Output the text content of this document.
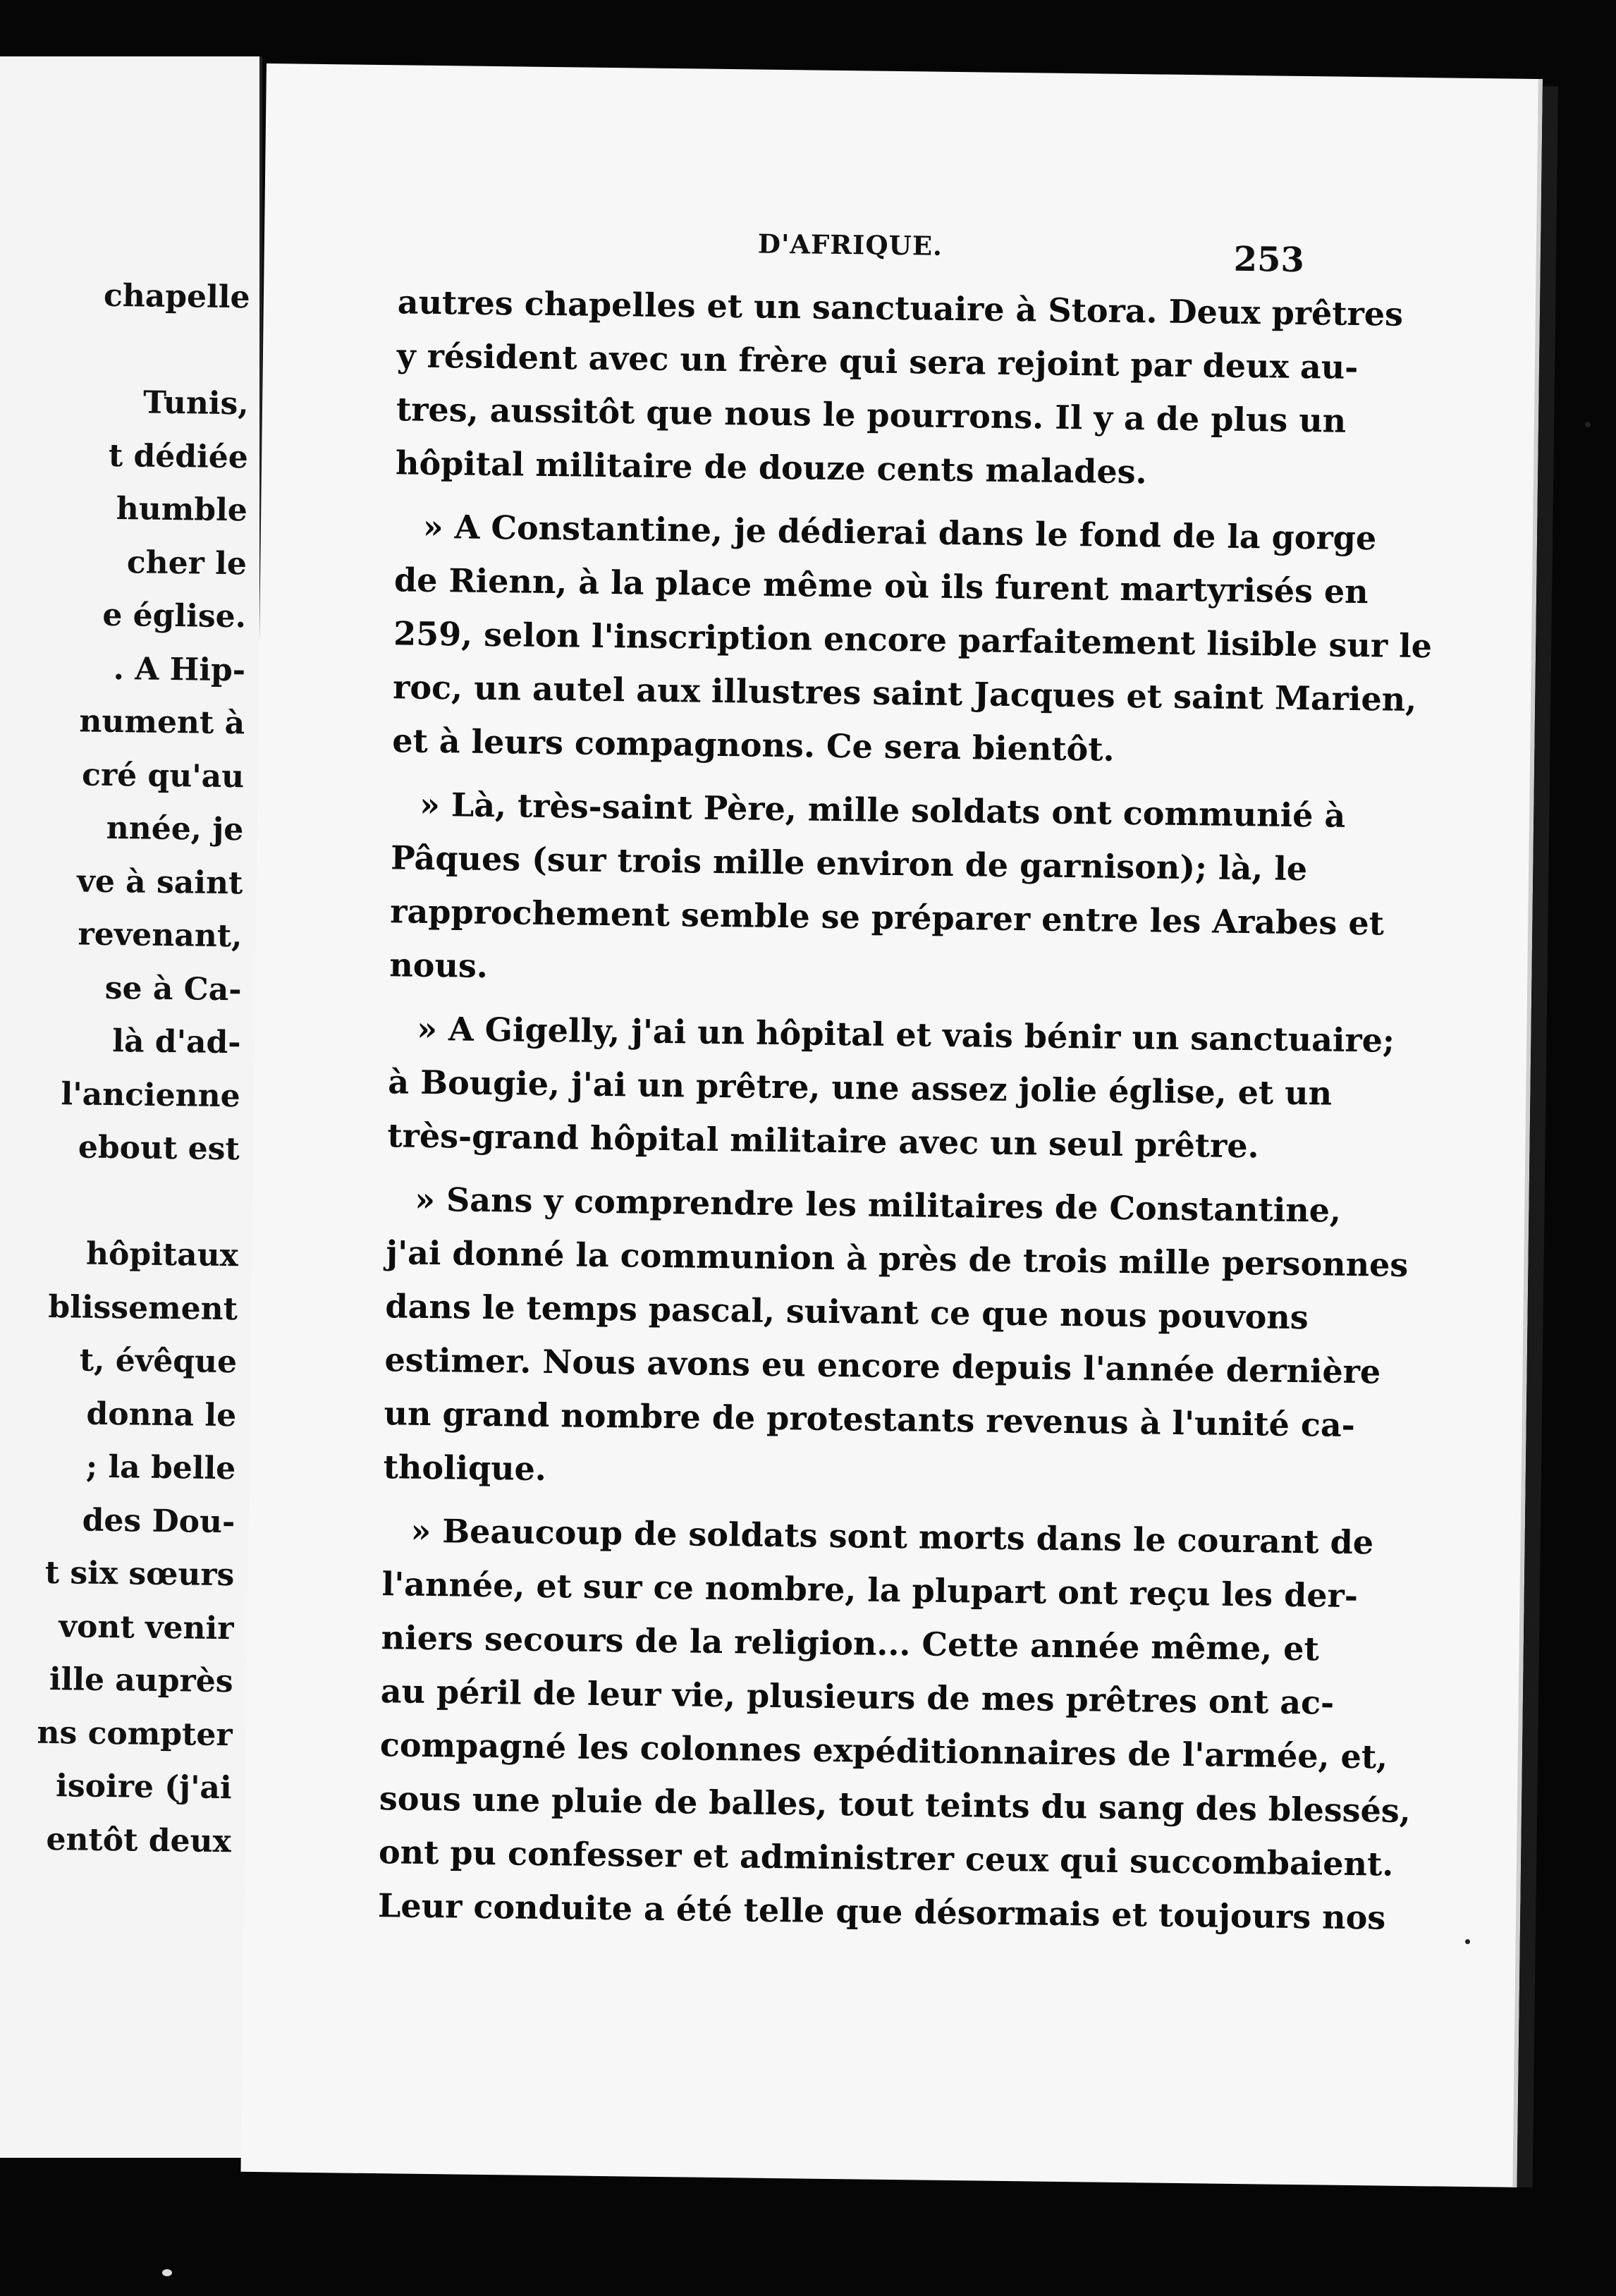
chapelle
Tunis,
t dédiée
humble
cher le
e église.
. A Hip-
nument à
cré qu'au
nnée, je
ve à saint
revenant,
se à Ca-
là d'ad-
l'ancienne
ebout est
hôpitaux
blissement
t, évêque
donna le
; la belle
des Dou-
t six sœurs
vont venir
ille auprès
ns compter
isoire (j'ai
entôt deux
D'AFRIQUE.	253
autres chapelles et un sanctuaire à Stora. Deux prêtres
y résident avec un frère qui sera rejoint par deux au-
tres, aussitôt que nous le pourrons. Il y a de plus un
hôpital militaire de douze cents malades.
» A Constantine, je dédierai dans le fond de la gorge
de Rienn, à la place même où ils furent martyrisés en
259, selon l'inscription encore parfaitement lisible sur le
roc, un autel aux illustres saint Jacques et saint Marien,
et à leurs compagnons. Ce sera bientôt.
» Là, très-saint Père, mille soldats ont communié à
Pâques (sur trois mille environ de garnison); là, le
rapprochement semble se préparer entre les Arabes et
nous.
» A Gigelly, j'ai un hôpital et vais bénir un sanctuaire;
à Bougie, j'ai un prêtre, une assez jolie église, et un
très-grand hôpital militaire avec un seul prêtre.
» Sans y comprendre les militaires de Constantine,
j'ai donné la communion à près de trois mille personnes
dans le temps pascal, suivant ce que nous pouvons
estimer. Nous avons eu encore depuis l'année dernière
un grand nombre de protestants revenus à l'unité ca-
tholique.
» Beaucoup de soldats sont morts dans le courant de
l'année, et sur ce nombre, la plupart ont reçu les der-
niers secours de la religion... Cette année même, et
au péril de leur vie, plusieurs de mes prêtres ont ac-
compagné les colonnes expéditionnaires de l'armée, et,
sous une pluie de balles, tout teints du sang des blessés,
ont pu confesser et administrer ceux qui succombaient.
Leur conduite a été telle que désormais et toujours nos
